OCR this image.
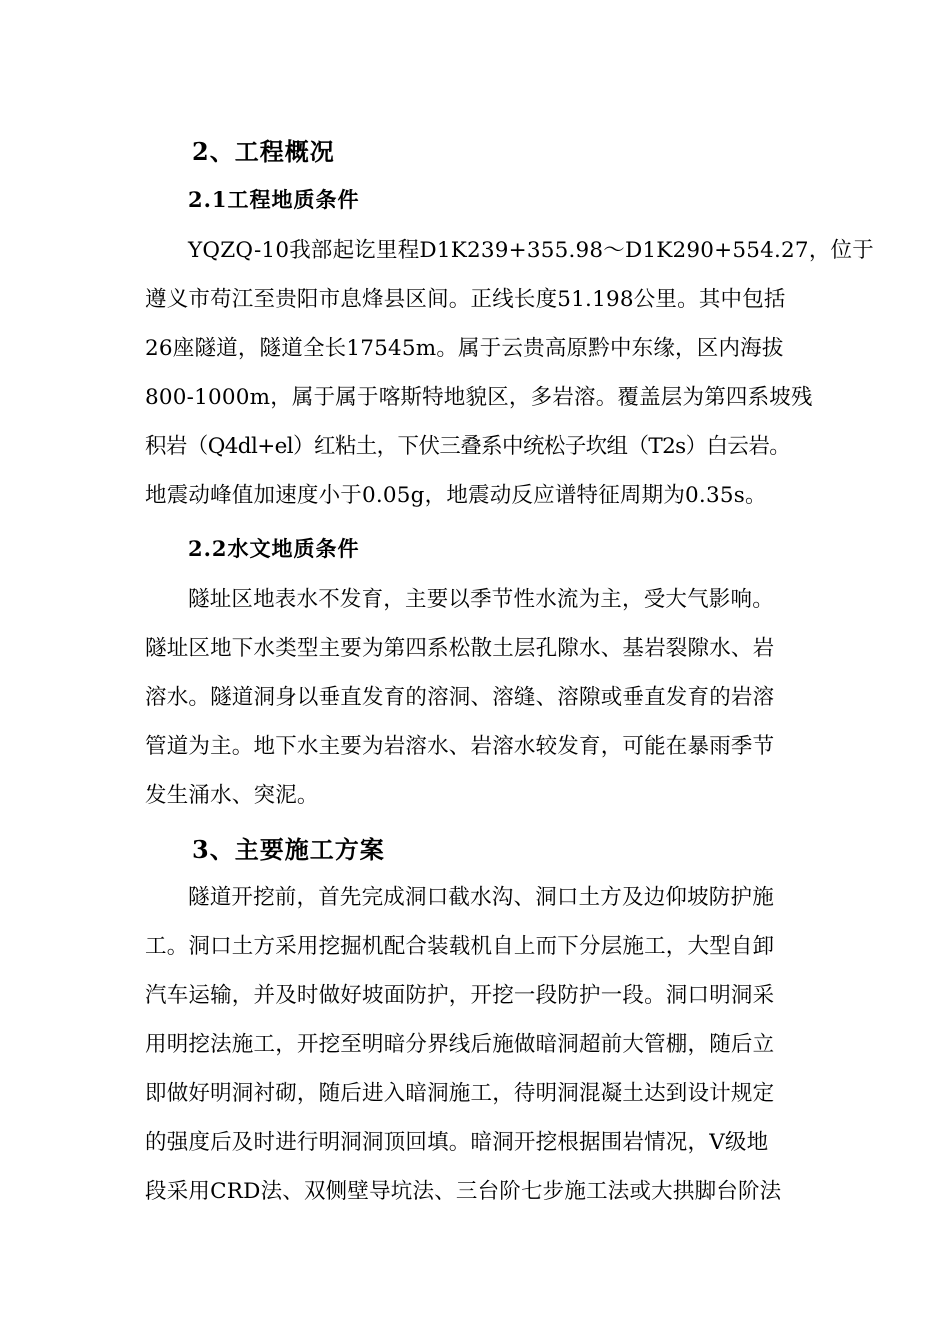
2、工程概况
2.1工程地质条件
YQZQ-10我部起讫里程D1K239+355.98～D1K290+554.27，位于
遵义市苟江至贵阳市息烽县区间。正线长度51.198公里。其中包括
26座隧道，隧道全长17545m。属于云贵高原黔中东缘，区内海拔
800-1000m，属于属于喀斯特地貌区，多岩溶。覆盖层为第四系坡残
积岩（Q4dl+el）红粘土，下伏三叠系中统松子坎组（T2s）白云岩。
地震动峰值加速度小于0.05g，地震动反应谱特征周期为0.35s。
2.2水文地质条件
隧址区地表水不发育，主要以季节性水流为主，受大气影响。
隧址区地下水类型主要为第四系松散土层孔隙水、基岩裂隙水、岩
溶水。隧道洞身以垂直发育的溶洞、溶缝、溶隙或垂直发育的岩溶
管道为主。地下水主要为岩溶水、岩溶水较发育，可能在暴雨季节
发生涌水、突泥。
3、主要施工方案
隧道开挖前，首先完成洞口截水沟、洞口土方及边仰坡防护施
工。洞口土方采用挖掘机配合装载机自上而下分层施工，大型自卸
汽车运输，并及时做好坡面防护，开挖一段防护一段。洞口明洞采
用明挖法施工，开挖至明暗分界线后施做暗洞超前大管棚，随后立
即做好明洞衬砌，随后进入暗洞施工，待明洞混凝土达到设计规定
的强度后及时进行明洞洞顶回填。暗洞开挖根据围岩情况，Ⅴ级地
段采用CRD法、双侧壁导坑法、三台阶七步施工法或大拱脚台阶法
